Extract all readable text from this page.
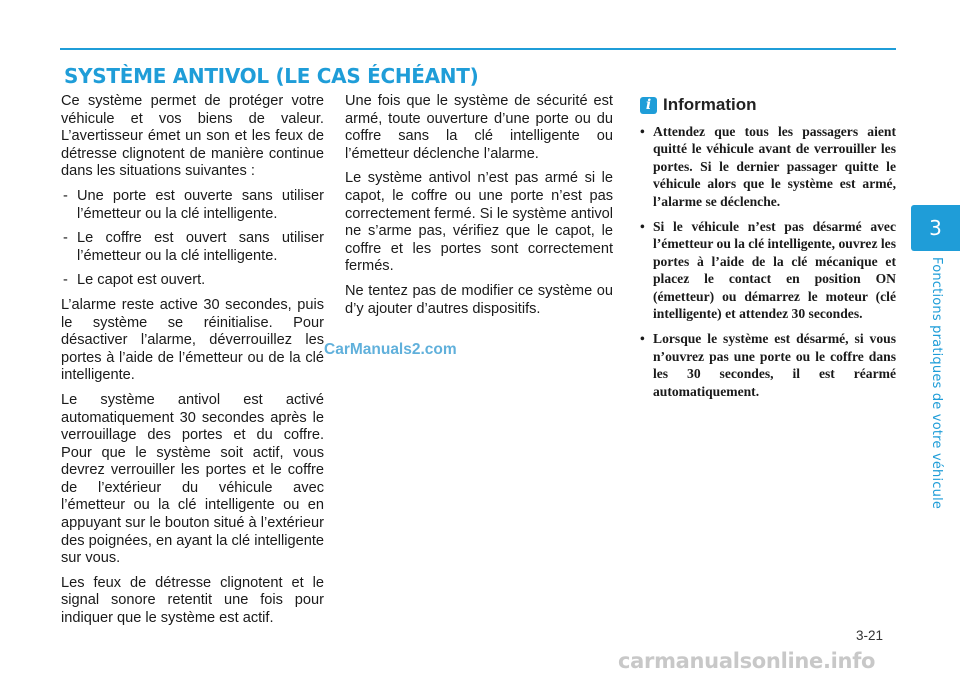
SYSTÈME ANTIVOL (LE CAS ÉCHÉANT)

Ce système permet de protéger votre véhicule et vos biens de valeur. L’avertisseur émet un son et les feux de détresse clignotent de manière continue dans les situations suivantes :

- Une porte est ouverte sans utiliser l’émetteur ou la clé intelligente.
- Le coffre est ouvert sans utiliser l’émetteur ou la clé intelligente.
- Le capot est ouvert.

L’alarme reste active 30 secondes, puis le système se réinitialise. Pour désactiver l’alarme, déverrouillez les portes à l’aide de l’émetteur ou de la clé intelligente.

Le système antivol est activé automatiquement 30 secondes après le verrouillage des portes et du coffre. Pour que le système soit actif, vous devrez verrouiller les portes et le coffre de l’extérieur du véhicule avec l’émetteur ou la clé intelligente ou en appuyant sur le bouton situé à l’extérieur des poignées, en ayant la clé intelligente sur vous.

Les feux de détresse clignotent et le signal sonore retentit une fois pour indiquer que le système est actif.

Une fois que le système de sécurité est armé, toute ouverture d’une porte ou du coffre sans la clé intelligente ou l’émetteur déclenche l’alarme.

Le système antivol n’est pas armé si le capot, le coffre ou une porte n’est pas correctement fermé. Si le système antivol ne s’arme pas, vérifiez que le capot, le coffre et les portes sont correctement fermés.

Ne tentez pas de modifier ce système ou d’y ajouter d’autres dispositifs.

i Information
• Attendez que tous les passagers aient quitté le véhicule avant de verrouiller les portes. Si le dernier passager quitte le véhicule alors que le système est armé, l’alarme se déclenche.
• Si le véhicule n’est pas désarmé avec l’émetteur ou la clé intelligente, ouvrez les portes à l’aide de la clé mécanique et placez le contact en position ON (émetteur) ou démarrez le moteur (clé intelligente) et attendez 30 secondes.
• Lorsque le système est désarmé, si vous n’ouvrez pas une porte ou le coffre dans les 30 secondes, il est réarmé automatiquement.
CarManuals2.com
3
Fonctions pratiques de votre véhicule
3-21
carmanualsonline.info
